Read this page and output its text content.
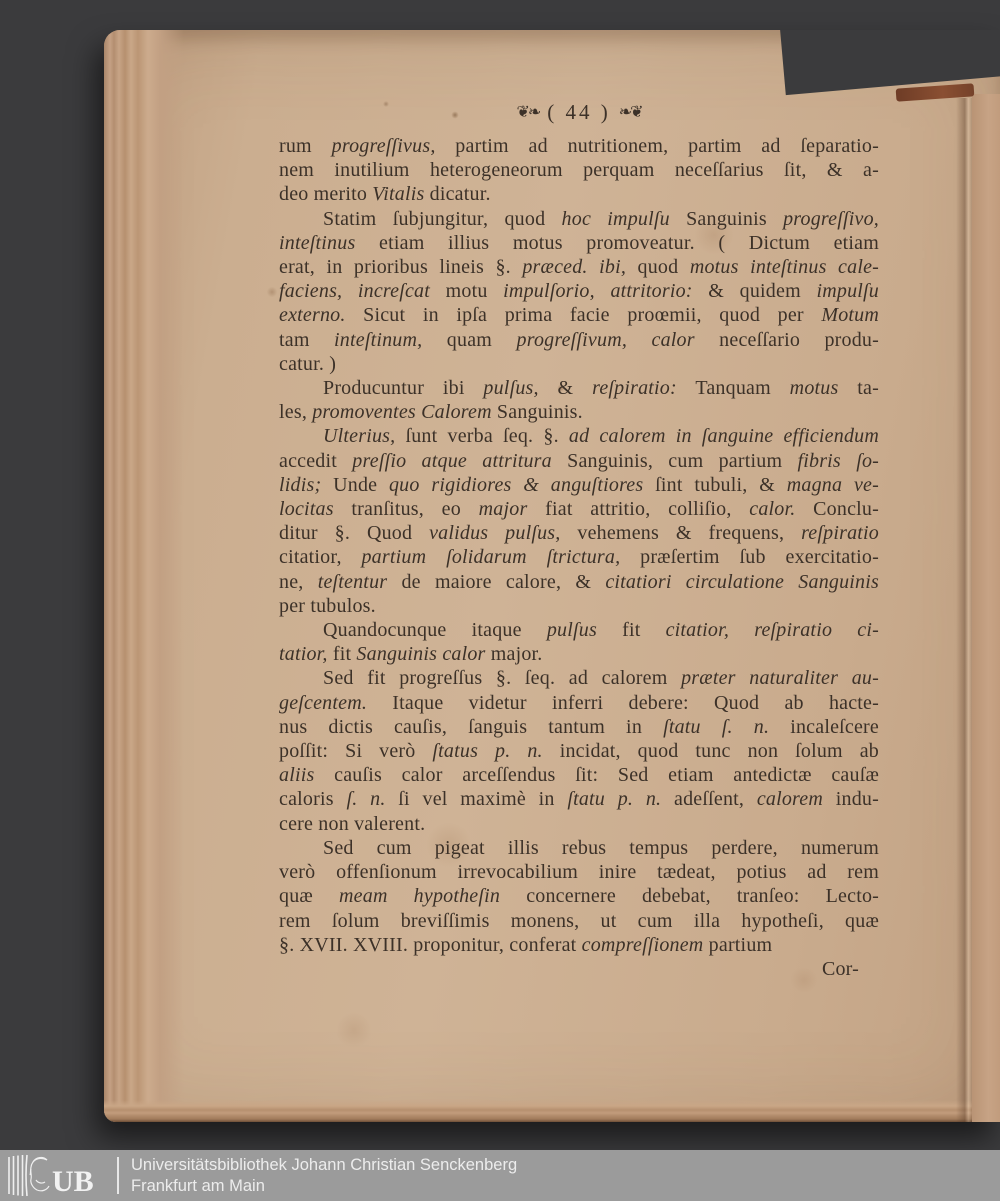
❦❧ ( 44 ) ❧❦
rum progreſſivus, partim ad nutritionem, partim ad ſeparatio-
nem inutilium heterogeneorum perquam neceſſarius ſit, & a-
deo merito Vitalis dicatur.
Statim ſubjungitur, quod hoc impulſu Sanguinis progreſſivo,
inteſtinus etiam illius motus promoveatur. ( Dictum etiam
erat, in prioribus lineis §. præced. ibi, quod motus inteſtinus cale-
faciens, increſcat motu impulſorio, attritorio: & quidem impulſu
externo. Sicut in ipſa prima facie proœmii, quod per Motum
tam inteſtinum, quam progreſſivum, calor neceſſario produ-
catur. )
Producuntur ibi pulſus, & reſpiratio: Tanquam motus ta-
les, promoventes Calorem Sanguinis.
Ulterius, ſunt verba ſeq. §. ad calorem in ſanguine efficiendum
accedit preſſio atque attritura Sanguinis, cum partium fibris ſo-
lidis; Unde quo rigidiores & anguſtiores ſint tubuli, & magna ve-
locitas tranſitus, eo major fiat attritio, colliſio, calor. Conclu-
ditur §. Quod validus pulſus, vehemens & frequens, reſpiratio
citatior, partium ſolidarum ſtrictura, præſertim ſub exercitatio-
ne, teſtentur de maiore calore, & citatiori circulatione Sanguinis
per tubulos.
Quandocunque itaque pulſus fit citatior, reſpiratio ci-
tatior, fit Sanguinis calor major.
Sed fit progreſſus §. ſeq. ad calorem præter naturaliter au-
geſcentem. Itaque videtur inferri debere: Quod ab hacte-
nus dictis cauſis, ſanguis tantum in ſtatu ſ. n. incaleſcere
poſſit: Si verò ſtatus p. n. incidat, quod tunc non ſolum ab
aliis cauſis calor arceſſendus ſit: Sed etiam antedictæ cauſæ
caloris ſ. n. ſi vel maximè in ſtatu p. n. adeſſent, calorem indu-
cere non valerent.
Sed cum pigeat illis rebus tempus perdere, numerum
verò offenſionum irrevocabilium inire tædeat, potius ad rem
quæ meam hypotheſin concernere debebat, tranſeo: Lecto-
rem ſolum breviſſimis monens, ut cum illa hypotheſi, quæ
§. XVII. XVIII. proponitur, conferat compreſſionem partium
Cor-
UB Universitätsbibliothek Johann Christian Senckenberg
Frankfurt am Main
